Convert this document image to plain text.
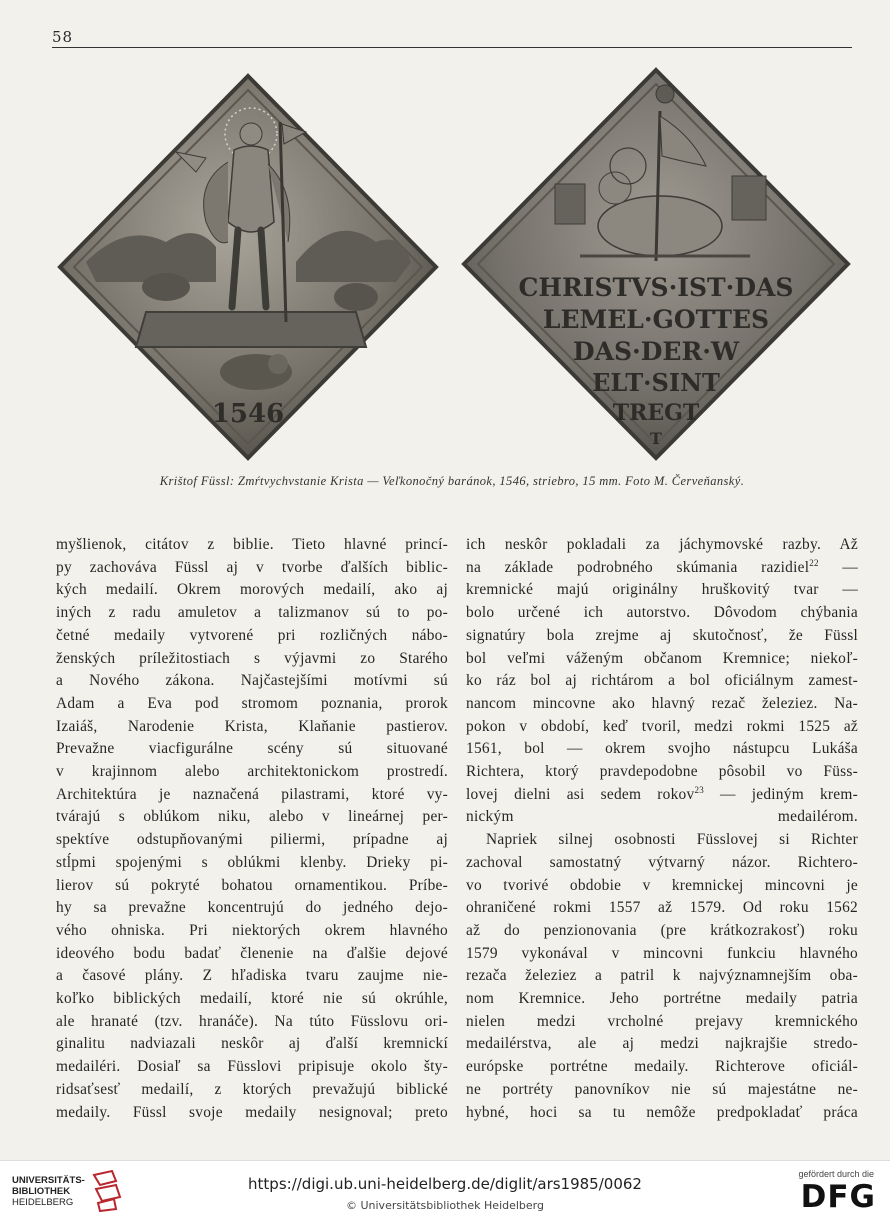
58
1546
CHRISTVS·IST·DAS
LEMEL·GOTTES
DAS·DER·W
ELT·SINT
TREGT
T
Krištof Füssl: Zmŕtvychvstanie Krista — Veľkonočný baránok, 1546, striebro, 15 mm. Foto M. Červeňanský.

myšlienok, citátov z biblie. Tieto hlavné princí-

py zachováva Füssl aj v tvorbe ďalších biblic-

kých medailí. Okrem morových medailí, ako aj

iných z radu amuletov a talizmanov sú to po-

četné medaily vytvorené pri rozličných nábo-

ženských príležitostiach s výjavmi zo Starého

a Nového zákona. Najčastejšími motívmi sú

Adam a Eva pod stromom poznania, prorok

Izaiáš, Narodenie Krista, Klaňanie pastierov.

Prevažne viacfigurálne scény sú situované

v krajinnom alebo architektonickom prostredí.

Architektúra je naznačená pilastrami, ktoré vy-

tvárajú s oblúkom niku, alebo v lineárnej per-

spektíve odstupňovanými piliermi, prípadne aj

stĺpmi spojenými s oblúkmi klenby. Drieky pi-

lierov sú pokryté bohatou ornamentikou. Príbe-

hy sa prevažne koncentrujú do jedného dejo-

vého ohniska. Pri niektorých okrem hlavného

ideového bodu badať členenie na ďalšie dejové

a časové plány. Z hľadiska tvaru zaujme nie-

koľko biblických medailí, ktoré nie sú okrúhle,

ale hranaté (tzv. hranáče). Na túto Füsslovu ori-

ginalitu nadviazali neskôr aj ďalší kremnickí

medailéri. Dosiaľ sa Füsslovi pripisuje okolo šty-

ridsaťsesť medailí, z ktorých prevažujú biblické

medaily. Füssl svoje medaily nesignoval; preto

ich neskôr pokladali za jáchymovské razby. Až

na základe podrobného skúmania razidiel$^{22}$ —

kremnické majú originálny hruškovitý tvar —

bolo určené ich autorstvo. Dôvodom chýbania

signatúry bola zrejme aj skutočnosť, že Füssl

bol veľmi váženým občanom Kremnice; niekoľ-

ko ráz bol aj richtárom a bol oficiálnym zamest-

nancom mincovne ako hlavný rezač železiez. Na-

pokon v období, keď tvoril, medzi rokmi 1525 až

1561, bol — okrem svojho nástupcu Lukáša

Richtera, ktorý pravdepodobne pôsobil vo Füss-

lovej dielni asi sedem rokov$^{23}$ — jediným krem-

nickým medailérom.

Napriek silnej osobnosti Füsslovej si Richter

zachoval samostatný výtvarný názor. Richtero-

vo tvorivé obdobie v kremnickej mincovni je

ohraničené rokmi 1557 až 1579. Od roku 1562

až do penzionovania (pre krátkozrakosť) roku

1579 vykonával v mincovni funkciu hlavného

rezača železiez a patril k najvýznamnejším oba-

nom Kremnice. Jeho portrétne medaily patria

nielen medzi vrcholné prejavy kremnického

medailérstva, ale aj medzi najkrajšie stredo-

európske portrétne medaily. Richterove oficiál-

ne portréty panovníkov nie sú majestátne ne-

hybné, hoci sa tu nemôže predpokladať práca

UNIVERSITÄTS-
BIBLIOTHEK
HEIDELBERG
https://digi.ub.uni-heidelberg.de/diglit/ars1985/0062
© Universitätsbibliothek Heidelberg
gefördert durch die
DFG
